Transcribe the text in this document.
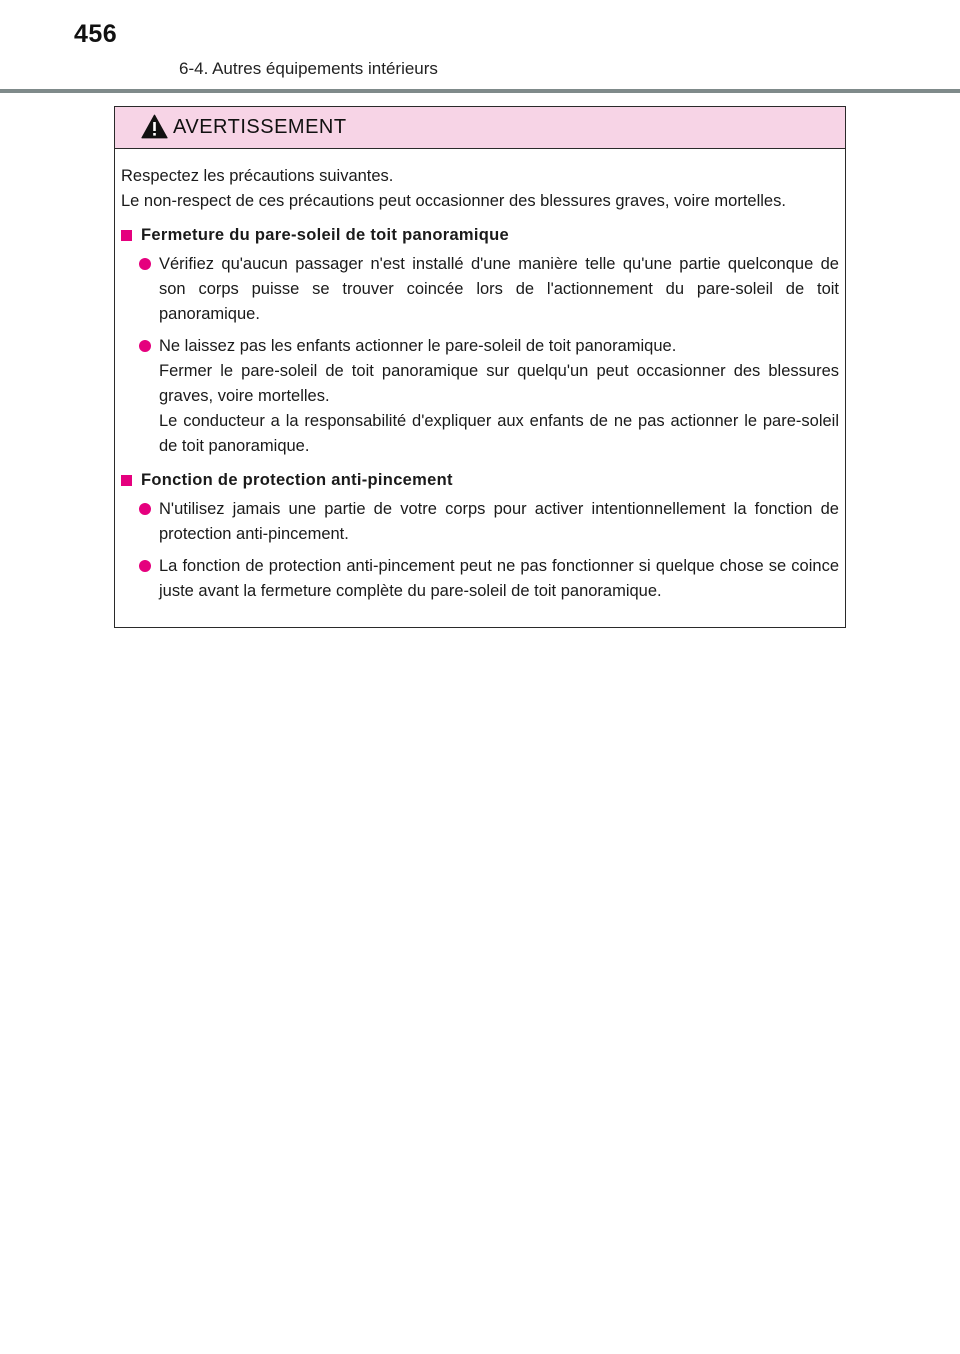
456
6-4. Autres équipements intérieurs
AVERTISSEMENT

Respectez les précautions suivantes.

Le non-respect de ces précautions peut occasionner des blessures graves, voire mortelles.

Fermeture du pare-soleil de toit panoramique
Vérifiez qu'aucun passager n'est installé d'une manière telle qu'une partie quelconque de son corps puisse se trouver coincée lors de l'actionnement du pare-soleil de toit panoramique.
Ne laissez pas les enfants actionner le pare-soleil de toit panoramique.
Fermer le pare-soleil de toit panoramique sur quelqu'un peut occasionner des blessures graves, voire mortelles.
Le conducteur a la responsabilité d'expliquer aux enfants de ne pas actionner le pare-soleil de toit panoramique.
Fonction de protection anti-pincement
N'utilisez jamais une partie de votre corps pour activer intentionnellement la fonction de protection anti-pincement.
La fonction de protection anti-pincement peut ne pas fonctionner si quelque chose se coince juste avant la fermeture complète du pare-soleil de toit panoramique.
